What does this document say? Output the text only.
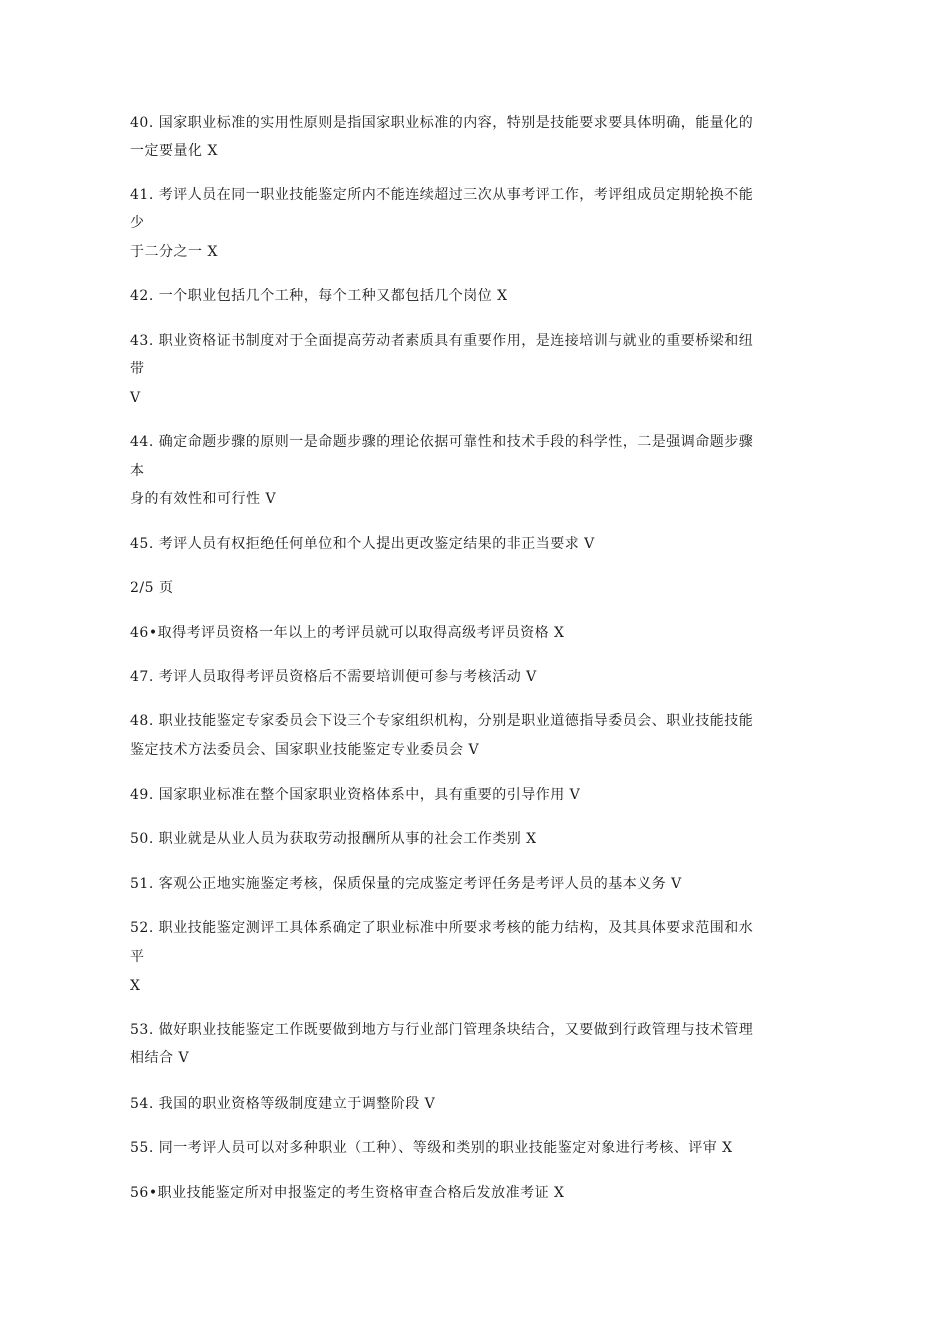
40. 国家职业标准的实用性原则是指国家职业标准的内容，特别是技能要求要具体明确，能量化的
一定要量化 X
41. 考评人员在同一职业技能鉴定所内不能连续超过三次从事考评工作，考评组成员定期轮换不能
少
于二分之一 X
42. 一个职业包括几个工种，每个工种又都包括几个岗位 X
43. 职业资格证书制度对于全面提高劳动者素质具有重要作用，是连接培训与就业的重要桥梁和纽
带
V
44. 确定命题步骤的原则一是命题步骤的理论依据可靠性和技术手段的科学性，二是强调命题步骤
本
身的有效性和可行性 V
45. 考评人员有权拒绝任何单位和个人提出更改鉴定结果的非正当要求 V
2/5 页
46•取得考评员资格一年以上的考评员就可以取得高级考评员资格 X
47. 考评人员取得考评员资格后不需要培训便可参与考核活动 V
48. 职业技能鉴定专家委员会下设三个专家组织机构，分别是职业道德指导委员会、职业技能技能
鉴定技术方法委员会、国家职业技能鉴定专业委员会 V
49. 国家职业标准在整个国家职业资格体系中，具有重要的引导作用 V
50. 职业就是从业人员为获取劳动报酬所从事的社会工作类别 X
51. 客观公正地实施鉴定考核，保质保量的完成鉴定考评任务是考评人员的基本义务 V
52. 职业技能鉴定测评工具体系确定了职业标准中所要求考核的能力结构，及其具体要求范围和水
平
X
53. 做好职业技能鉴定工作既要做到地方与行业部门管理条块结合，又要做到行政管理与技术管理
相结合 V
54. 我国的职业资格等级制度建立于调整阶段 V
55. 同一考评人员可以对多种职业（工种）、等级和类别的职业技能鉴定对象进行考核、评审 X
56•职业技能鉴定所对申报鉴定的考生资格审查合格后发放准考证 X
